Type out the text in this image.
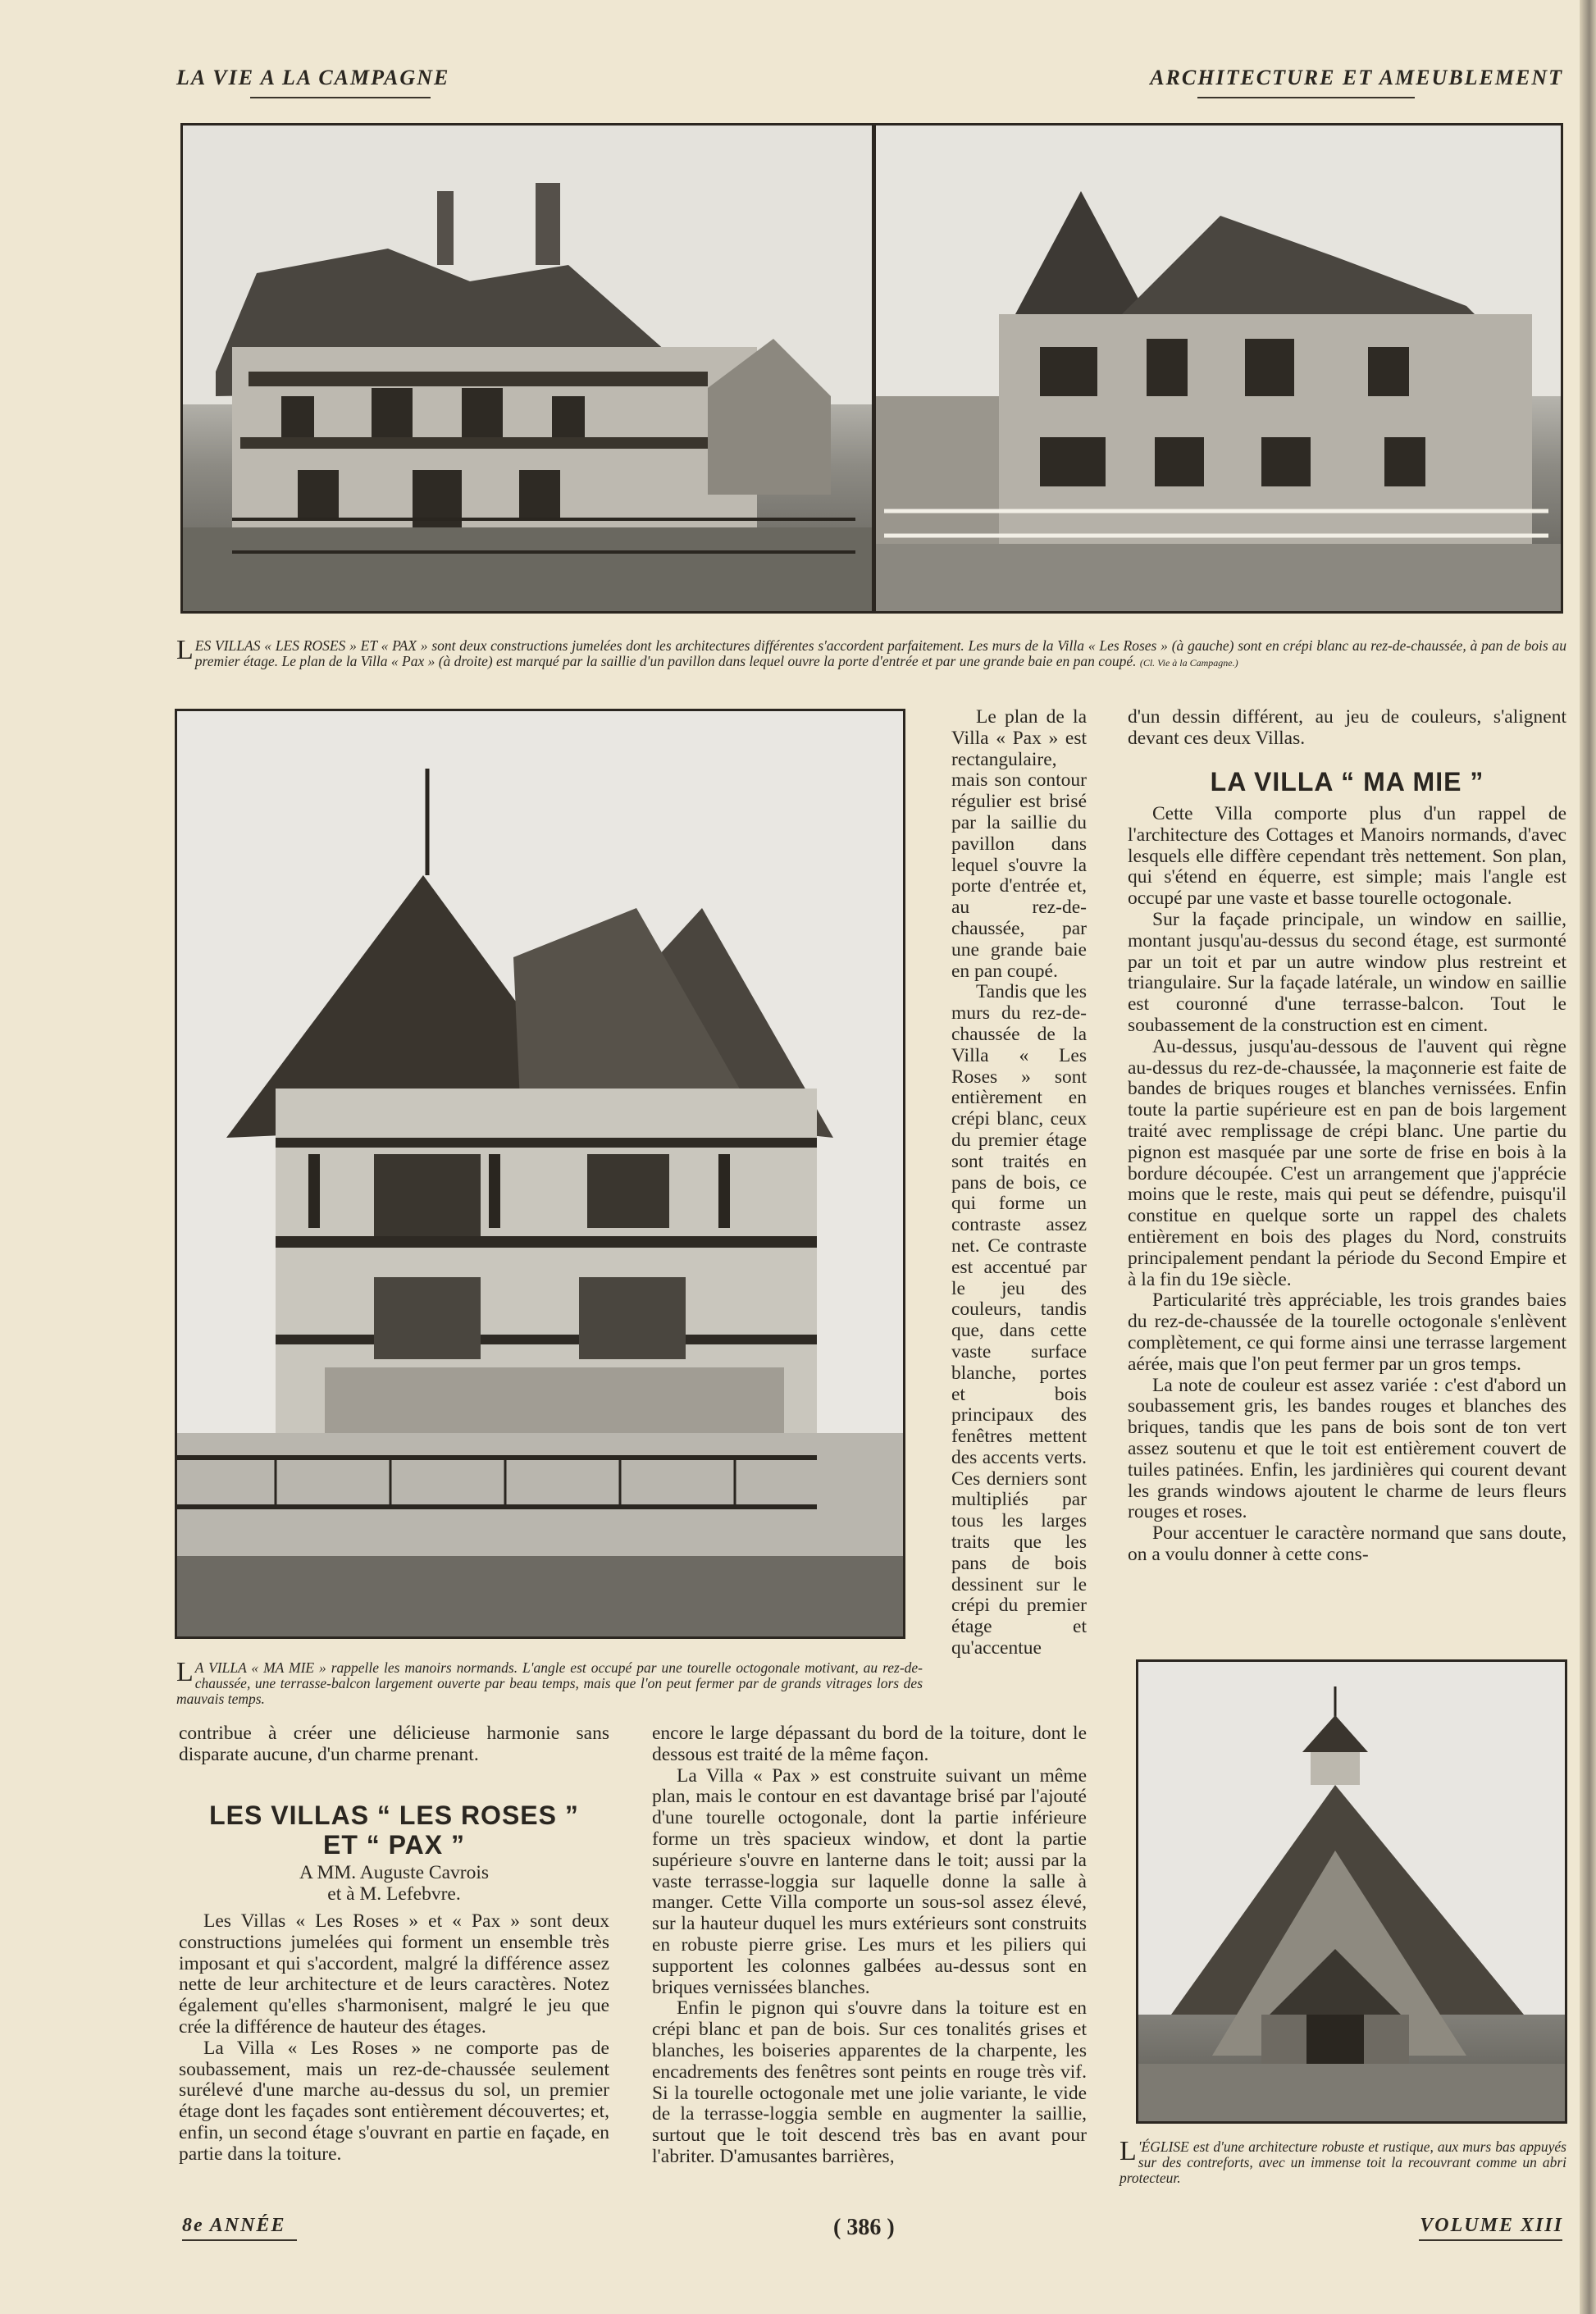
LA VIE A LA CAMPAGNE	ARCHITECTURE ET AMEUBLEMENT
L ES VILLAS « LES ROSES » ET « PAX » sont deux constructions jumelées dont les architectures différentes s'accordent parfaitement. Les murs de la Villa « Les Roses » (à gauche) sont en crépi blanc au rez-de-chaussée, à pan de bois au premier étage. Le plan de la Villa « Pax » (à droite) est marqué par la saillie d'un pavillon dans lequel ouvre la porte d'entrée et par une grande baie en pan coupé. (Cl. Vie à la Campagne.)
L A VILLA « MA MIE » rappelle les manoirs normands. L'angle est occupé par une tourelle octogonale motivant, au rez-de-chaussée, une terrasse-balcon largement ouverte par beau temps, mais que l'on peut fermer par de grands vitrages lors des mauvais temps.

Le plan de la Villa « Pax » est rectangulaire, mais son contour régulier est brisé par la saillie du pavillon dans lequel s'ouvre la porte d'entrée et, au rez-de-chaussée, par une grande baie en pan coupé.

Tandis que les murs du rez-de-chaussée de la Villa « Les Roses » sont entièrement en crépi blanc, ceux du premier étage sont traités en pans de bois, ce qui forme un contraste assez net. Ce contraste est accentué par le jeu des couleurs, tandis que, dans cette vaste surface blanche, portes et bois principaux des fenêtres mettent des accents verts. Ces derniers sont multipliés par tous les larges traits que les pans de bois dessinent sur le crépi du premier étage et qu'accentue

contribue à créer une délicieuse harmonie sans disparate aucune, d'un charme prenant.

LES VILLAS “ LES ROSES ”
ET “ PAX ”
A MM. Auguste Cavrois
et à M. Lefebvre.

Les Villas « Les Roses » et « Pax » sont deux constructions jumelées qui forment un ensemble très imposant et qui s'accordent, malgré la différence assez nette de leur architecture et de leurs caractères. Notez également qu'elles s'harmonisent, malgré le jeu que crée la différence de hauteur des étages.

La Villa « Les Roses » ne comporte pas de soubassement, mais un rez-de-chaussée seulement surélevé d'une marche au-dessus du sol, un premier étage dont les façades sont entièrement découvertes; et, enfin, un second étage s'ouvrant en partie en façade, en partie dans la toiture.

encore le large dépassant du bord de la toiture, dont le dessous est traité de la même façon.

La Villa « Pax » est construite suivant un même plan, mais le contour en est davantage brisé par l'ajouté d'une tourelle octogonale, dont la partie inférieure forme un très spacieux window, et dont la partie supérieure s'ouvre en lanterne dans le toit; aussi par la vaste terrasse-loggia sur laquelle donne la salle à manger. Cette Villa comporte un sous-sol assez élevé, sur la hauteur duquel les murs extérieurs sont construits en robuste pierre grise. Les murs et les piliers qui supportent les colonnes galbées au-dessus sont en briques vernissées blanches.

Enfin le pignon qui s'ouvre dans la toiture est en crépi blanc et pan de bois. Sur ces tonalités grises et blanches, les boiseries apparentes de la charpente, les encadrements des fenêtres sont peints en rouge très vif. Si la tourelle octogonale met une jolie variante, le vide de la terrasse-loggia semble en augmenter la saillie, surtout que le toit descend très bas en avant pour l'abriter. D'amusantes barrières,

d'un dessin différent, au jeu de couleurs, s'alignent devant ces deux Villas.

LA VILLA “ MA MIE ”

Cette Villa comporte plus d'un rappel de l'architecture des Cottages et Manoirs normands, d'avec lesquels elle diffère cependant très nettement. Son plan, qui s'étend en équerre, est simple; mais l'angle est occupé par une vaste et basse tourelle octogonale.

Sur la façade principale, un window en saillie, montant jusqu'au-dessus du second étage, est surmonté par un toit et par un autre window plus restreint et triangulaire. Sur la façade latérale, un window en saillie est couronné d'une terrasse-balcon. Tout le soubassement de la construction est en ciment.

Au-dessus, jusqu'au-dessous de l'auvent qui règne au-dessus du rez-de-chaussée, la maçonnerie est faite de bandes de briques rouges et blanches vernissées. Enfin toute la partie supérieure est en pan de bois largement traité avec remplissage de crépi blanc. Une partie du pignon est masquée par une sorte de frise en bois à la bordure découpée. C'est un arrangement que j'apprécie moins que le reste, mais qui peut se défendre, puisqu'il constitue en quelque sorte un rappel des chalets entièrement en bois des plages du Nord, construits principalement pendant la période du Second Empire et à la fin du 19e siècle.

Particularité très appréciable, les trois grandes baies du rez-de-chaussée de la tourelle octogonale s'enlèvent complètement, ce qui forme ainsi une terrasse largement aérée, mais que l'on peut fermer par un gros temps.

La note de couleur est assez variée : c'est d'abord un soubassement gris, les bandes rouges et blanches des briques, tandis que les pans de bois sont de ton vert assez soutenu et que le toit est entièrement couvert de tuiles patinées. Enfin, les jardinières qui courent devant les grands windows ajoutent le charme de leurs fleurs rouges et roses.

Pour accentuer le caractère normand que sans doute, on a voulu donner à cette cons-

L 'ÉGLISE est d'une architecture robuste et rustique, aux murs bas appuyés sur des contreforts, avec un immense toit la recouvrant comme un abri protecteur.
8e ANNÉE	( 386 )	VOLUME XIII
